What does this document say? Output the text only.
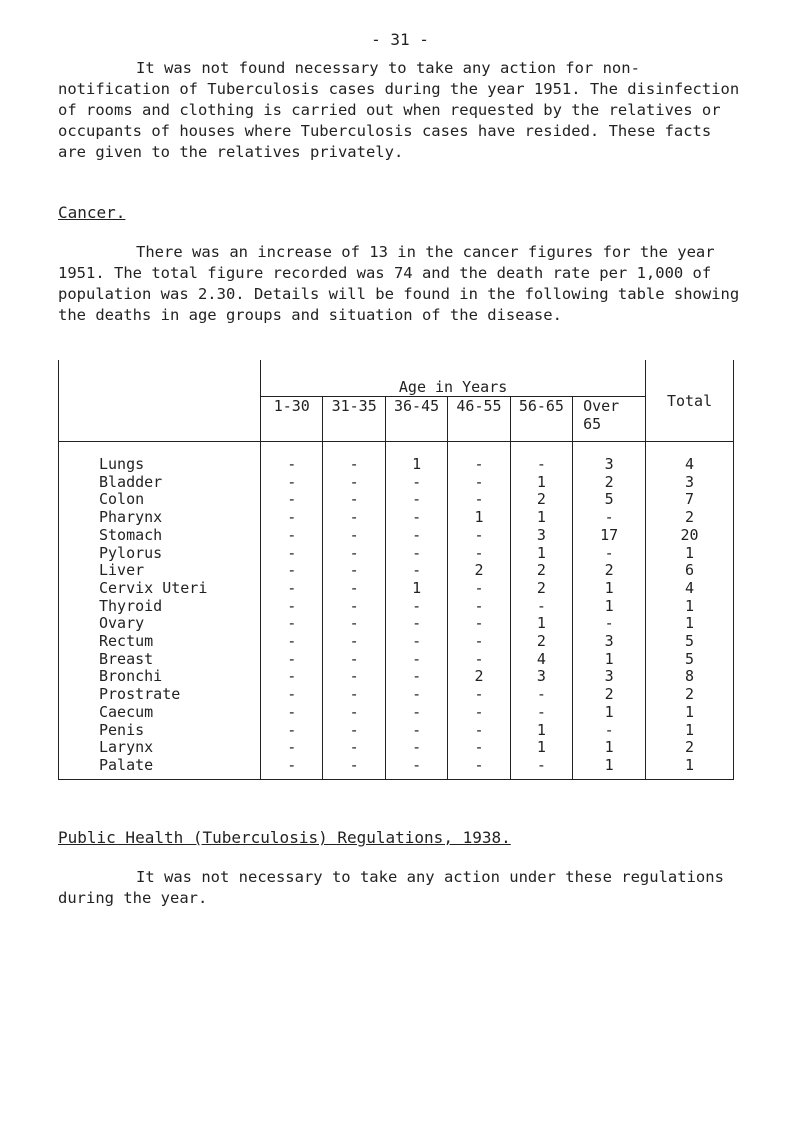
- 31 -

It was not found necessary to take any action for non-notification of Tuberculosis cases during the year 1951. The disinfection of rooms and clothing is carried out when requested by the relatives or occupants of houses where Tuberculosis cases have resided. These facts are given to the relatives privately.

Cancer.

There was an increase of 13 in the cancer figures for the year 1951. The total figure recorded was 74 and the death rate per 1,000 of population was 2.30. Details will be found in the following table showing the deaths in age groups and situation of the disease.

	Age in Years						Total
	1-30	31-35	36-45	46-55	56-65	Over 65	
Lungs	-	-	1	-	-	3	4
Bladder	-	-	-	-	1	2	3
Colon	-	-	-	-	2	5	7
Pharynx	-	-	-	1	1	-	2
Stomach	-	-	-	-	3	17	20
Pylorus	-	-	-	-	1	-	1
Liver	-	-	-	2	2	2	6
Cervix Uteri	-	-	1	-	2	1	4
Thyroid	-	-	-	-	-	1	1
Ovary	-	-	-	-	1	-	1
Rectum	-	-	-	-	2	3	5
Breast	-	-	-	-	4	1	5
Bronchi	-	-	-	2	3	3	8
Prostrate	-	-	-	-	-	2	2
Caecum	-	-	-	-	-	1	1
Penis	-	-	-	-	1	-	1
Larynx	-	-	-	-	1	1	2
Palate	-	-	-	-	-	1	1
Public Health (Tuberculosis) Regulations, 1938.

It was not necessary to take any action under these regulations during the year.
